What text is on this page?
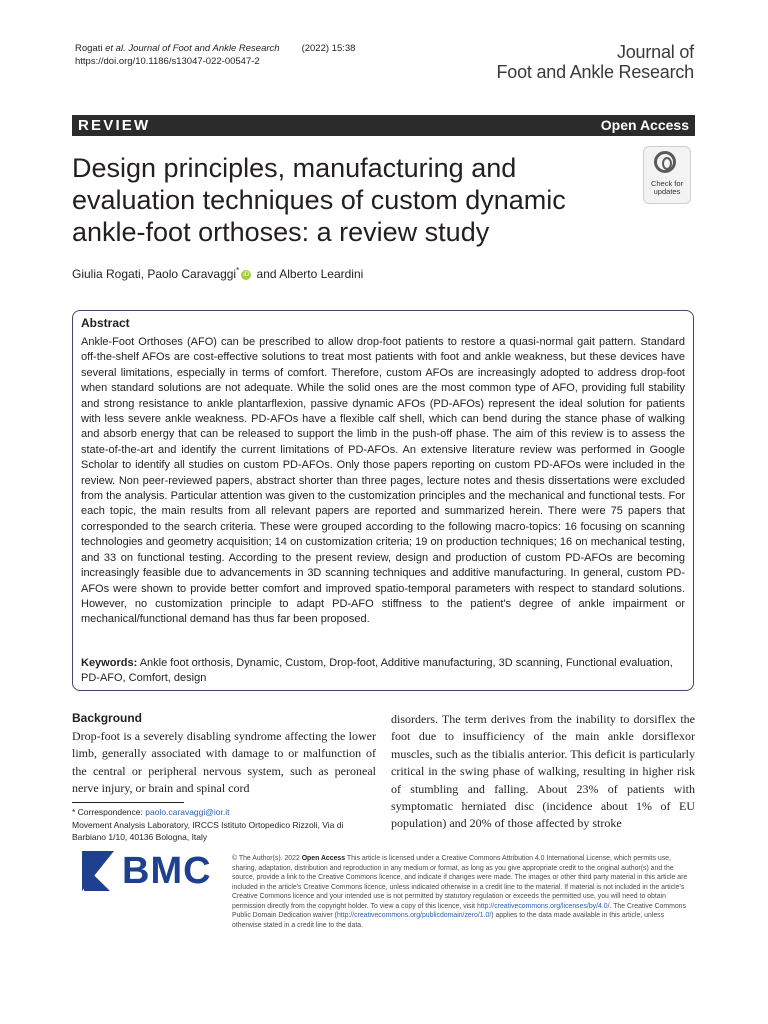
Rogati et al. Journal of Foot and Ankle Research (2022) 15:38
https://doi.org/10.1186/s13047-022-00547-2	Journal of
Foot and Ankle Research
REVIEW	Open Access
Design principles, manufacturing and evaluation techniques of custom dynamic ankle-foot orthoses: a review study
Check for
updates
Giulia Rogati, Paolo Caravaggi* iD and Alberto Leardini
Abstract

Ankle-Foot Orthoses (AFO) can be prescribed to allow drop-foot patients to restore a quasi-normal gait pattern. Standard off-the-shelf AFOs are cost-effective solutions to treat most patients with foot and ankle weakness, but these devices have several limitations, especially in terms of comfort. Therefore, custom AFOs are increasingly adopted to address drop-foot when standard solutions are not adequate. While the solid ones are the most common type of AFO, providing full stability and strong resistance to ankle plantarflexion, passive dynamic AFOs (PD-AFOs) represent the ideal solution for patients with less severe ankle weakness. PD-AFOs have a flexible calf shell, which can bend during the stance phase of walking and absorb energy that can be released to support the limb in the push-off phase. The aim of this review is to assess the state-of-the-art and identify the current limitations of PD-AFOs. An extensive literature review was performed in Google Scholar to identify all studies on custom PD-AFOs. Only those papers reporting on custom PD-AFOs were included in the review. Non peer-reviewed papers, abstract shorter than three pages, lecture notes and thesis dissertations were excluded from the analysis. Particular attention was given to the customization principles and the mechanical and functional tests. For each topic, the main results from all relevant papers are reported and summarized herein. There were 75 papers that corresponded to the search criteria. These were grouped according to the following macro-topics: 16 focusing on scanning technologies and geometry acquisition; 14 on customization criteria; 19 on production techniques; 16 on mechanical testing, and 33 on functional testing. According to the present review, design and production of custom PD-AFOs are becoming increasingly feasible due to advancements in 3D scanning techniques and additive manufacturing. In general, custom PD-AFOs were shown to provide better comfort and improved spatio-temporal parameters with respect to standard solutions. However, no customization principle to adapt PD-AFO stiffness to the patient's degree of ankle impairment or mechanical/functional demand has thus far been proposed.

Keywords: Ankle foot orthosis, Dynamic, Custom, Drop-foot, Additive manufacturing, 3D scanning, Functional evaluation, PD-AFO, Comfort, design

Background

Drop-foot is a severely disabling syndrome affecting the lower limb, generally associated with damage to or malfunction of the central or peripheral nervous system, such as peroneal nerve injury, or brain and spinal cord

disorders. The term derives from the inability to dorsiflex the foot due to insufficiency of the main ankle dorsiflexor muscles, such as the tibialis anterior. This deficit is particularly critical in the swing phase of walking, resulting in higher risk of stumbling and falling. About 23% of patients with symptomatic herniated disc (incidence about 1% of EU population) and 20% of those affected by stroke

* Correspondence: paolo.caravaggi@ior.it
Movement Analysis Laboratory, IRCCS Istituto Ortopedico Rizzoli, Via di
Barbiano 1/10, 40136 Bologna, Italy
BMC	© The Author(s). 2022 Open Access This article is licensed under a Creative Commons Attribution 4.0 International License, which permits use, sharing, adaptation, distribution and reproduction in any medium or format, as long as you give appropriate credit to the original author(s) and the source, provide a link to the Creative Commons licence, and indicate if changes were made. The images or other third party material in this article are included in the article's Creative Commons licence, unless indicated otherwise in a credit line to the material. If material is not included in the article's Creative Commons licence and your intended use is not permitted by statutory regulation or exceeds the permitted use, you will need to obtain permission directly from the copyright holder. To view a copy of this licence, visit http://creativecommons.org/licenses/by/4.0/. The Creative Commons Public Domain Dedication waiver (http://creativecommons.org/publicdomain/zero/1.0/) applies to the data made available in this article, unless otherwise stated in a credit line to the data.
